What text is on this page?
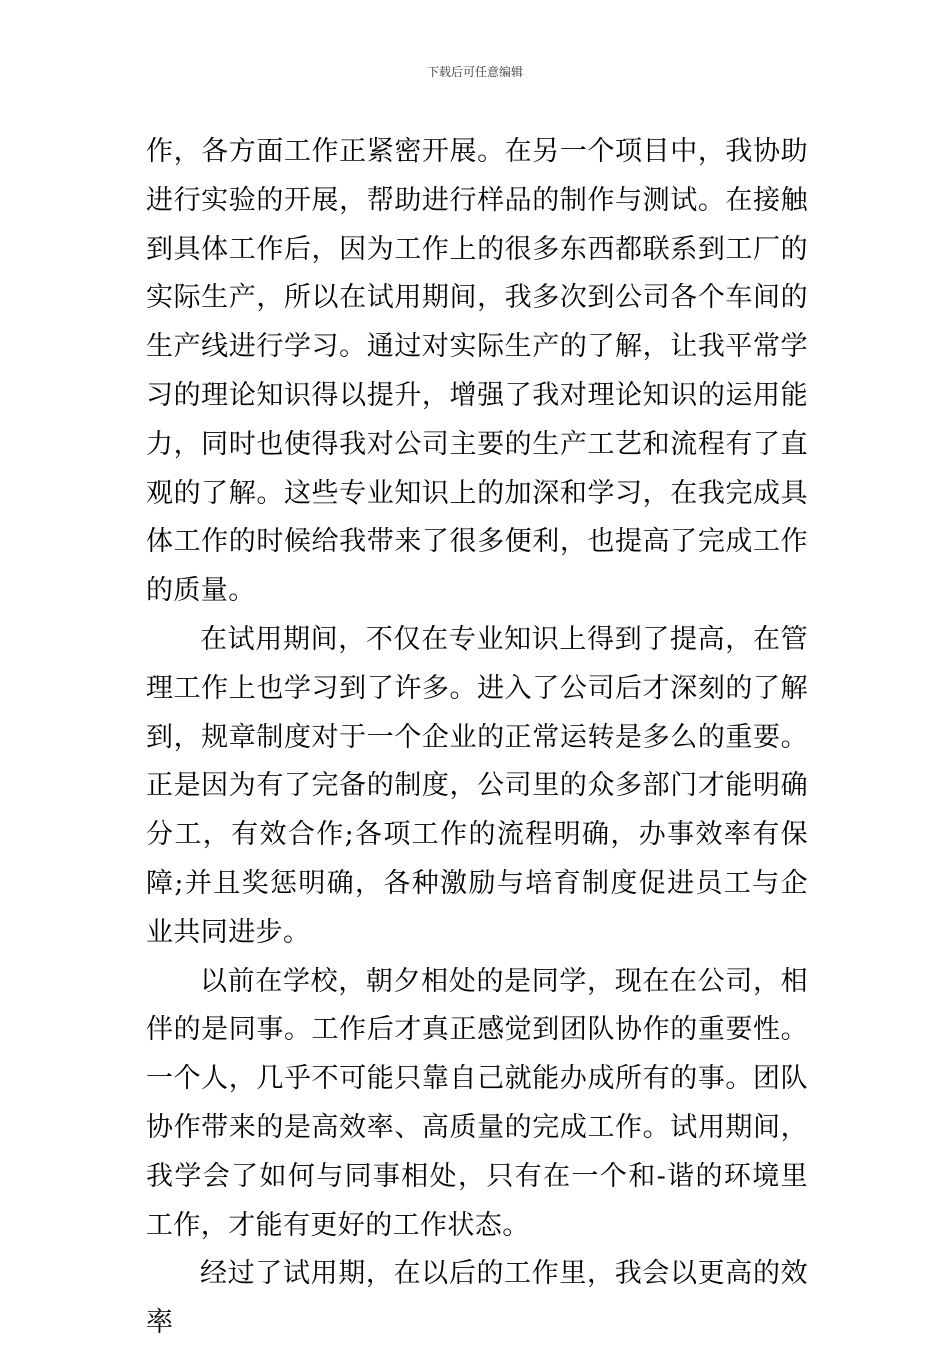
下载后可任意编辑

作，各方面工作正紧密开展。在另一个项目中，我协助进行实验的开展，帮助进行样品的制作与测试。在接触到具体工作后，因为工作上的很多东西都联系到工厂的实际生产，所以在试用期间，我多次到公司各个车间的生产线进行学习。通过对实际生产的了解，让我平常学习的理论知识得以提升，增强了我对理论知识的运用能力，同时也使得我对公司主要的生产工艺和流程有了直观的了解。这些专业知识上的加深和学习，在我完成具体工作的时候给我带来了很多便利，也提高了完成工作的质量。

在试用期间，不仅在专业知识上得到了提高，在管理工作上也学习到了许多。进入了公司后才深刻的了解到，规章制度对于一个企业的正常运转是多么的重要。正是因为有了完备的制度，公司里的众多部门才能明确分工，有效合作;各项工作的流程明确，办事效率有保障;并且奖惩明确，各种激励与培育制度促进员工与企业共同进步。

以前在学校，朝夕相处的是同学，现在在公司，相伴的是同事。工作后才真正感觉到团队协作的重要性。一个人，几乎不可能只靠自己就能办成所有的事。团队协作带来的是高效率、高质量的完成工作。试用期间，我学会了如何与同事相处，只有在一个和-谐的环境里工作，才能有更好的工作状态。

经过了试用期，在以后的工作里，我会以更高的效率
